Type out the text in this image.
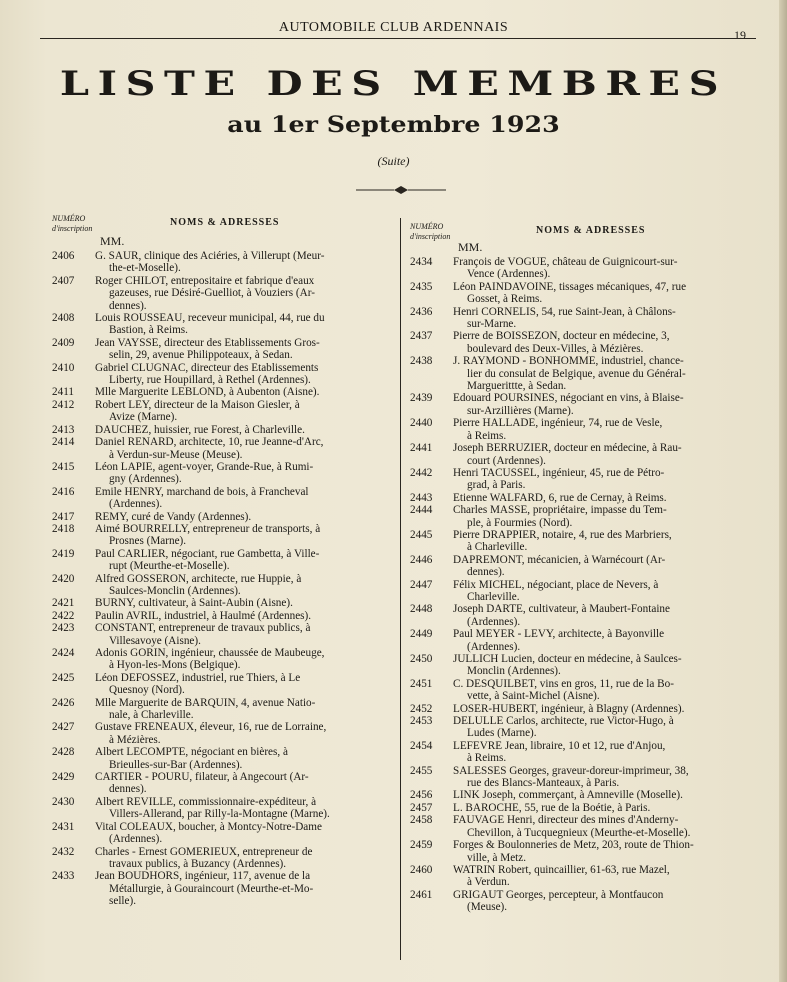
AUTOMOBILE CLUB ARDENNAIS	19
LISTE DES MEMBRES
au 1er Septembre 1923
(Suite)
NUMÉRO d'inscription
NOMS & ADRESSES
MM.
NUMÉRO d'inscription
NOMS & ADRESSES
MM.
2406	G. SAUR, clinique des Aciéries, à Villerupt (Meur-
the-et-Moselle).
2407	Roger CHILOT, entrepositaire et fabrique d'eaux
gazeuses, rue Désiré-Guelliot, à Vouziers (Ar-
dennes).
2408	Louis ROUSSEAU, receveur municipal, 44, rue du
Bastion, à Reims.
2409	Jean VAYSSE, directeur des Etablissements Gros-
selin, 29, avenue Philippoteaux, à Sedan.
2410	Gabriel CLUGNAC, directeur des Etablissements
Liberty, rue Houpillard, à Rethel (Ardennes).
2411	Mlle Marguerite LEBLOND, à Aubenton (Aisne).
2412	Robert LEY, directeur de la Maison Giesler, à
Avize (Marne).
2413	DAUCHEZ, huissier, rue Forest, à Charleville.
2414	Daniel RENARD, architecte, 10, rue Jeanne-d'Arc,
à Verdun-sur-Meuse (Meuse).
2415	Léon LAPIE, agent-voyer, Grande-Rue, à Rumi-
gny (Ardennes).
2416	Emile HENRY, marchand de bois, à Francheval
(Ardennes).
2417	REMY, curé de Vandy (Ardennes).
2418	Aimé BOURRELLY, entrepreneur de transports, à
Prosnes (Marne).
2419	Paul CARLIER, négociant, rue Gambetta, à Ville-
rupt (Meurthe-et-Moselle).
2420	Alfred GOSSERON, architecte, rue Huppie, à
Saulces-Monclin (Ardennes).
2421	BURNY, cultivateur, à Saint-Aubin (Aisne).
2422	Paulin AVRIL, industriel, à Haulmé (Ardennes).
2423	CONSTANT, entrepreneur de travaux publics, à
Villesavoye (Aisne).
2424	Adonis GORIN, ingénieur, chaussée de Maubeuge,
à Hyon-les-Mons (Belgique).
2425	Léon DEFOSSEZ, industriel, rue Thiers, à Le
Quesnoy (Nord).
2426	Mlle Marguerite de BARQUIN, 4, avenue Natio-
nale, à Charleville.
2427	Gustave FRENEAUX, éleveur, 16, rue de Lorraine,
à Mézières.
2428	Albert LECOMPTE, négociant en bières, à
Brieulles-sur-Bar (Ardennes).
2429	CARTIER - POURU, filateur, à Angecourt (Ar-
dennes).
2430	Albert REVILLE, commissionnaire-expéditeur, à
Villers-Allerand, par Rilly-la-Montagne (Marne).
2431	Vital COLEAUX, boucher, à Montcy-Notre-Dame
(Ardennes).
2432	Charles - Ernest GOMERIEUX, entrepreneur de
travaux publics, à Buzancy (Ardennes).
2433	Jean BOUDHORS, ingénieur, 117, avenue de la
Métallurgie, à Gouraincourt (Meurthe-et-Mo-
selle).
2434	François de VOGUE, château de Guignicourt-sur-
Vence (Ardennes).
2435	Léon PAINDAVOINE, tissages mécaniques, 47, rue
Gosset, à Reims.
2436	Henri CORNELIS, 54, rue Saint-Jean, à Châlons-
sur-Marne.
2437	Pierre de BOISSEZON, docteur en médecine, 3,
boulevard des Deux-Villes, à Mézières.
2438	J. RAYMOND - BONHOMME, industriel, chance-
lier du consulat de Belgique, avenue du Général-
Marguerittte, à Sedan.
2439	Edouard POURSINES, négociant en vins, à Blaise-
sur-Arzillières (Marne).
2440	Pierre HALLADE, ingénieur, 74, rue de Vesle,
à Reims.
2441	Joseph BERRUZIER, docteur en médecine, à Rau-
court (Ardennes).
2442	Henri TACUSSEL, ingénieur, 45, rue de Pétro-
grad, à Paris.
2443	Etienne WALFARD, 6, rue de Cernay, à Reims.
2444	Charles MASSE, propriétaire, impasse du Tem-
ple, à Fourmies (Nord).
2445	Pierre DRAPPIER, notaire, 4, rue des Marbriers,
à Charleville.
2446	DAPREMONT, mécanicien, à Warnécourt (Ar-
dennes).
2447	Félix MICHEL, négociant, place de Nevers, à
Charleville.
2448	Joseph DARTE, cultivateur, à Maubert-Fontaine
(Ardennes).
2449	Paul MEYER - LEVY, architecte, à Bayonville
(Ardennes).
2450	JULLICH Lucien, docteur en médecine, à Saulces-
Monclin (Ardennes).
2451	C. DESQUILBET, vins en gros, 11, rue de la Bo-
vette, à Saint-Michel (Aisne).
2452	LOSER-HUBERT, ingénieur, à Blagny (Ardennes).
2453	DELULLE Carlos, architecte, rue Victor-Hugo, à
Ludes (Marne).
2454	LEFEVRE Jean, libraire, 10 et 12, rue d'Anjou,
à Reims.
2455	SALESSES Georges, graveur-doreur-imprimeur, 38,
rue des Blancs-Manteaux, à Paris.
2456	LINK Joseph, commerçant, à Amneville (Moselle).
2457	L. BAROCHE, 55, rue de la Boétie, à Paris.
2458	FAUVAGE Henri, directeur des mines d'Anderny-
Chevillon, à Tucquegnieux (Meurthe-et-Moselle).
2459	Forges & Boulonneries de Metz, 203, route de Thion-
ville, à Metz.
2460	WATRIN Robert, quincaillier, 61-63, rue Mazel,
à Verdun.
2461	GRIGAUT Georges, percepteur, à Montfaucon
(Meuse).
